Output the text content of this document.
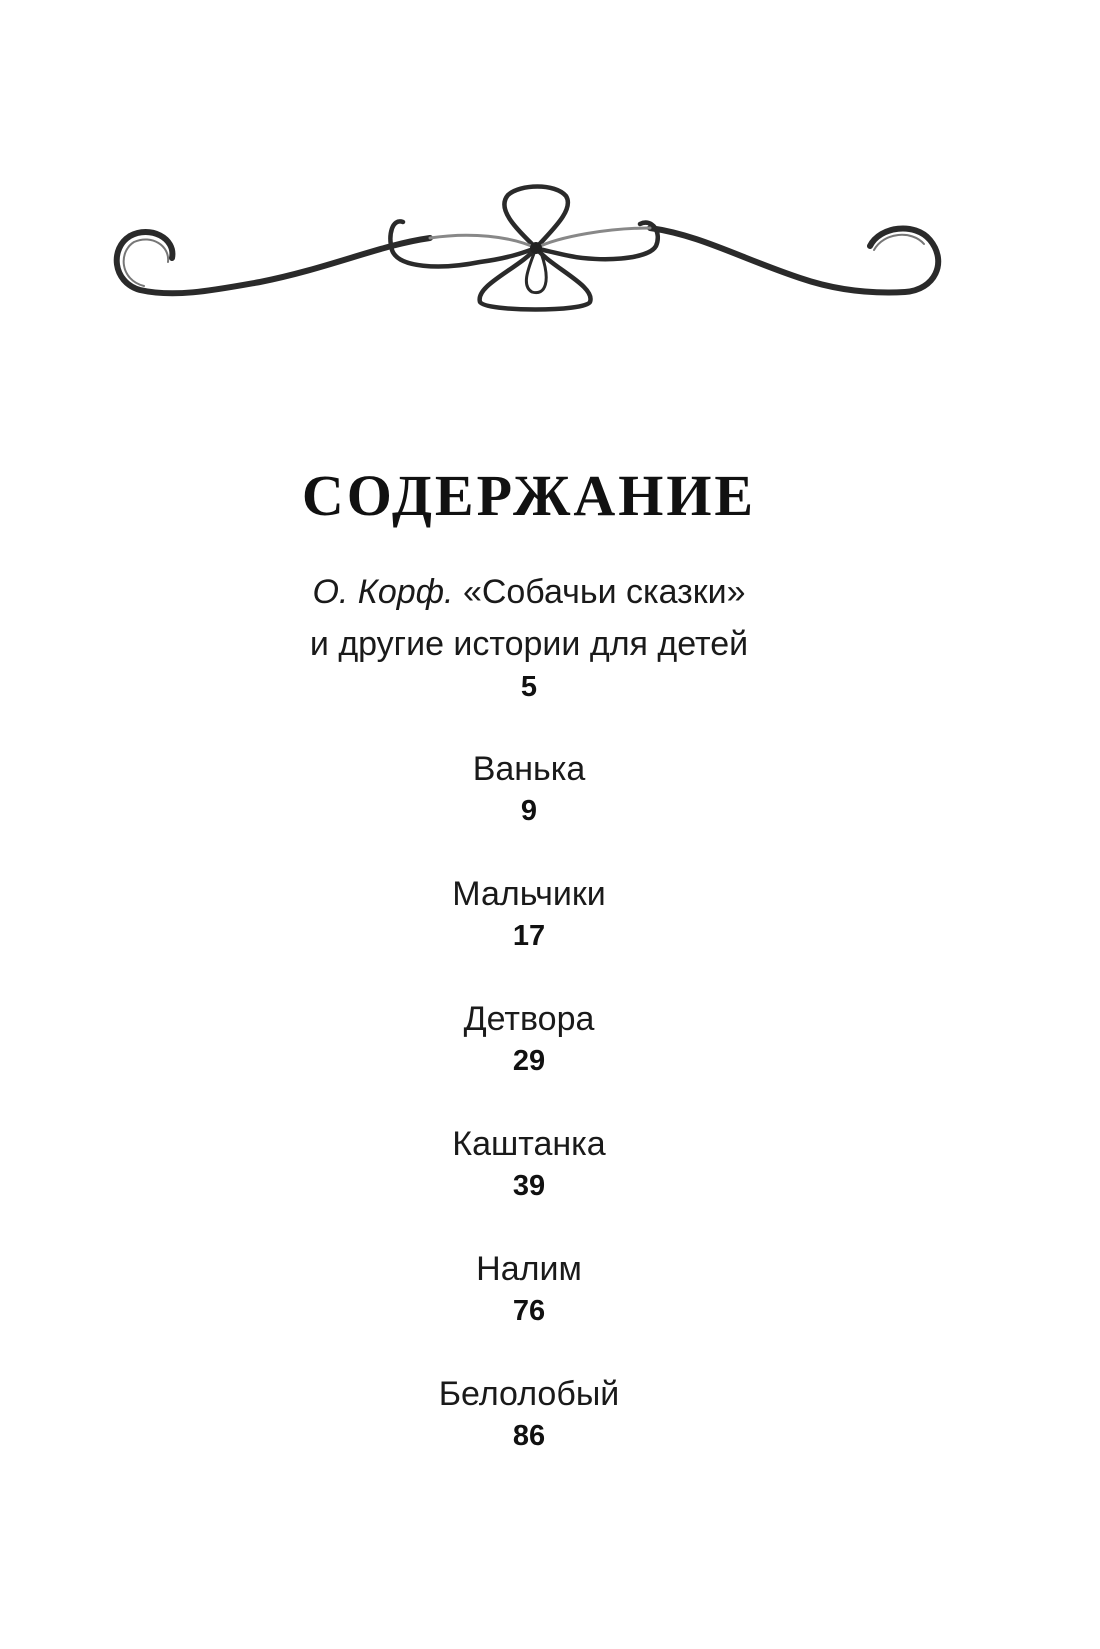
СОДЕРЖАНИЕ
О. Корф. «Собачьи сказки»
и другие истории для детей
5
Ванька
9
Мальчики
17
Детвора
29
Каштанка
39
Налим
76
Белолобый
86
